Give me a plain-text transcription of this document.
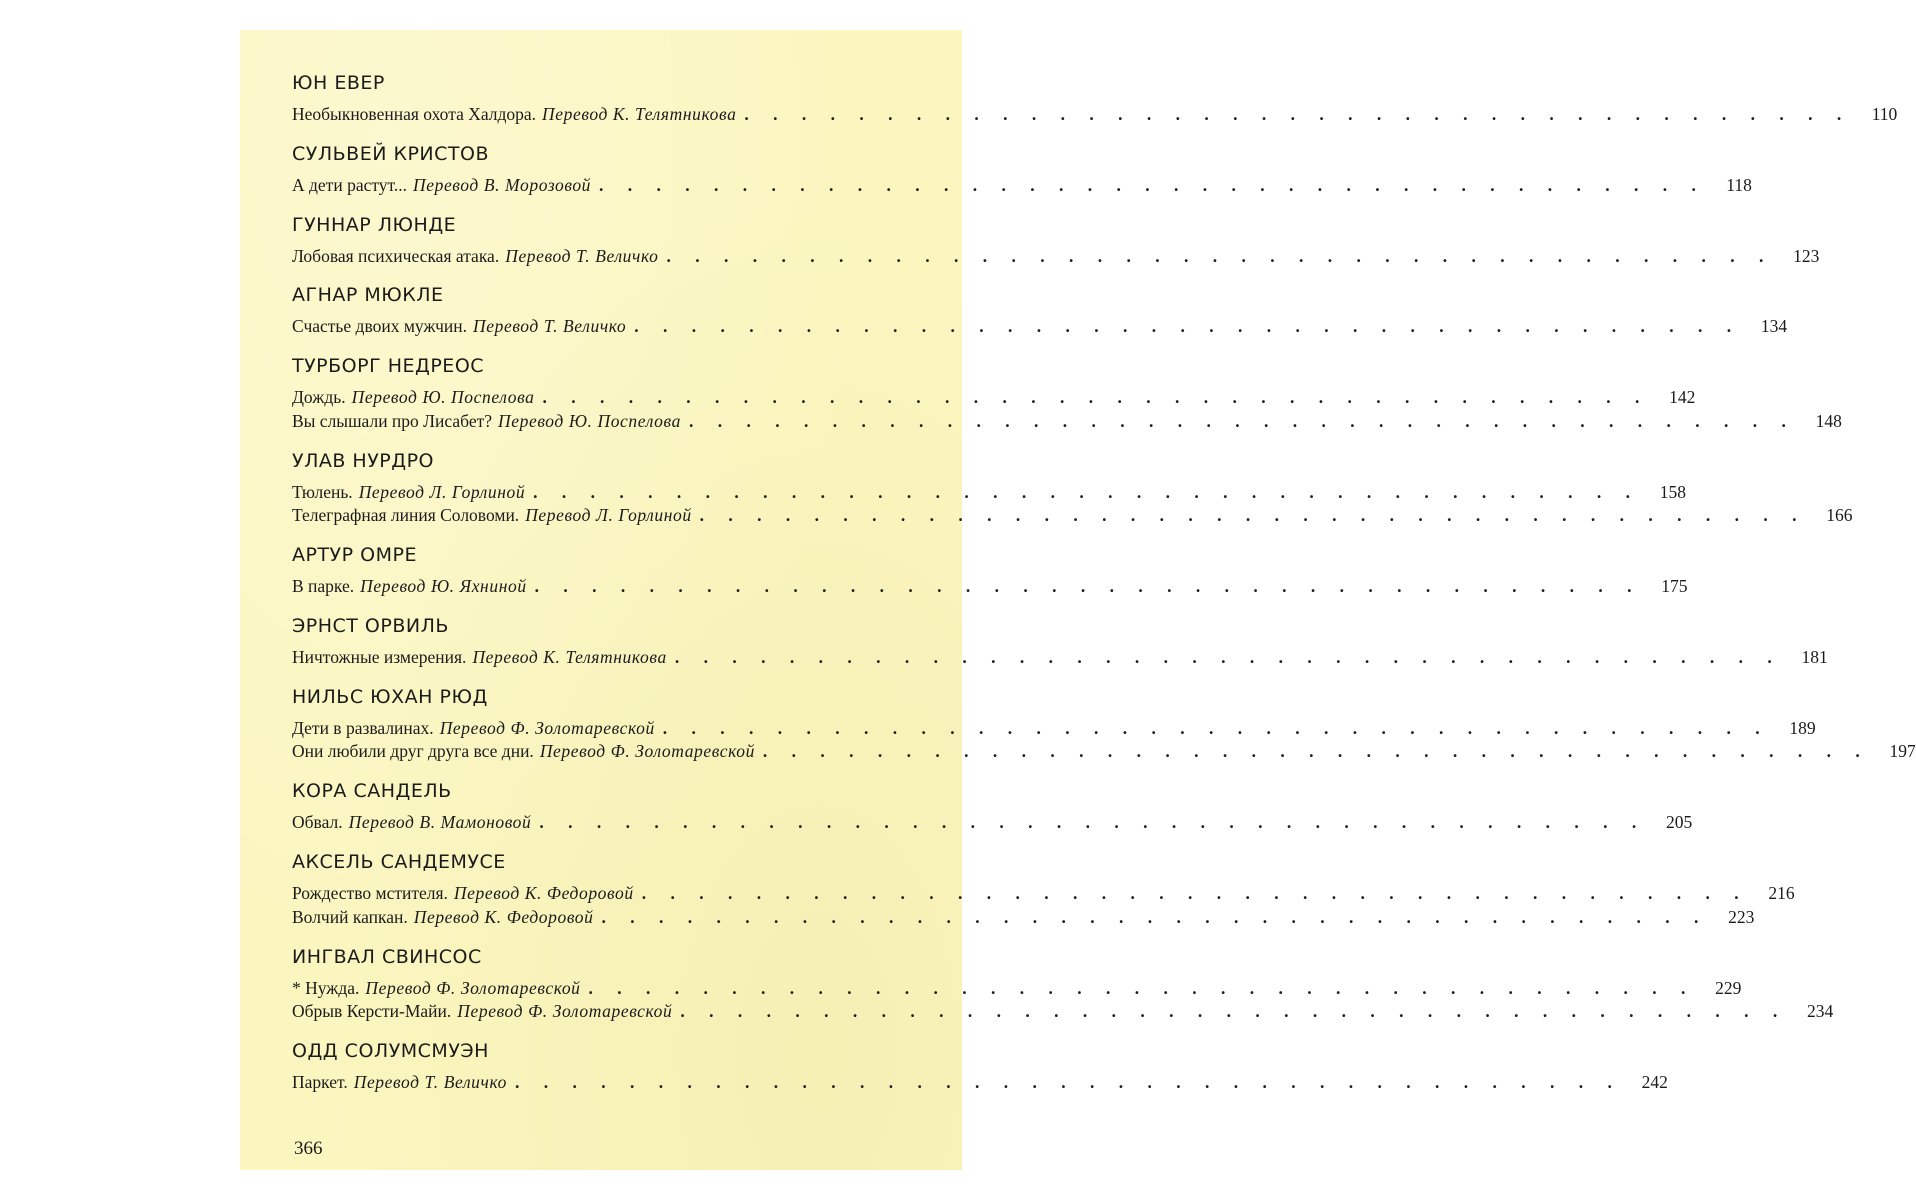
ЮН ЕВЕР
Необыкновенная охота Халдора. Перевод К. Телятникова . . . . . . . . . . . . . . . . . . . . . . . . . . . . . . . . . . . . . . .	110
СУЛЬВЕЙ КРИСТОВ
А дети растут... Перевод В. Морозовой . . . . . . . . . . . . . . . . . . . . . . . . . . . . . . . . . . . . . . .	118
ГУННАР ЛЮНДЕ
Лобовая психическая атака. Перевод Т. Величко . . . . . . . . . . . . . . . . . . . . . . . . . . . . . . . . . . . . . . .	123
АГНАР МЮКЛЕ
Счастье двоих мужчин. Перевод Т. Величко . . . . . . . . . . . . . . . . . . . . . . . . . . . . . . . . . . . . . . .	134
ТУРБОРГ НЕДРЕОС
Дождь. Перевод Ю. Поспелова . . . . . . . . . . . . . . . . . . . . . . . . . . . . . . . . . . . . . . .	142
Вы слышали про Лисабет? Перевод Ю. Поспелова . . . . . . . . . . . . . . . . . . . . . . . . . . . . . . . . . . . . . . .	148
УЛАВ НУРДРО
Тюлень. Перевод Л. Горлиной . . . . . . . . . . . . . . . . . . . . . . . . . . . . . . . . . . . . . . .	158
Телеграфная линия Соловоми. Перевод Л. Горлиной . . . . . . . . . . . . . . . . . . . . . . . . . . . . . . . . . . . . . . .	166
АРТУР ОМРЕ
В парке. Перевод Ю. Яхниной . . . . . . . . . . . . . . . . . . . . . . . . . . . . . . . . . . . . . . .	175
ЭРНСТ ОРВИЛЬ
Ничтожные измерения. Перевод К. Телятникова . . . . . . . . . . . . . . . . . . . . . . . . . . . . . . . . . . . . . . .	181
НИЛЬС ЮХАН РЮД
Дети в развалинах. Перевод Ф. Золотаревской . . . . . . . . . . . . . . . . . . . . . . . . . . . . . . . . . . . . . . .	189
Они любили друг друга все дни. Перевод Ф. Золотаревской . . . . . . . . . . . . . . . . . . . . . . . . . . . . . . . . . . . . . . .	197
КОРА САНДЕЛЬ
Обвал. Перевод В. Мамоновой . . . . . . . . . . . . . . . . . . . . . . . . . . . . . . . . . . . . . . .	205
АКСЕЛЬ САНДЕМУСЕ
Рождество мстителя. Перевод К. Федоровой . . . . . . . . . . . . . . . . . . . . . . . . . . . . . . . . . . . . . . .	216
Волчий капкан. Перевод К. Федоровой . . . . . . . . . . . . . . . . . . . . . . . . . . . . . . . . . . . . . . .	223
ИНГВАЛ СВИНСОС
* Нужда. Перевод Ф. Золотаревской . . . . . . . . . . . . . . . . . . . . . . . . . . . . . . . . . . . . . . .	229
Обрыв Керсти-Майи. Перевод Ф. Золотаревской . . . . . . . . . . . . . . . . . . . . . . . . . . . . . . . . . . . . . . .	234
ОДД СОЛУМСМУЭН
Паркет. Перевод Т. Величко . . . . . . . . . . . . . . . . . . . . . . . . . . . . . . . . . . . . . . .	242
366
